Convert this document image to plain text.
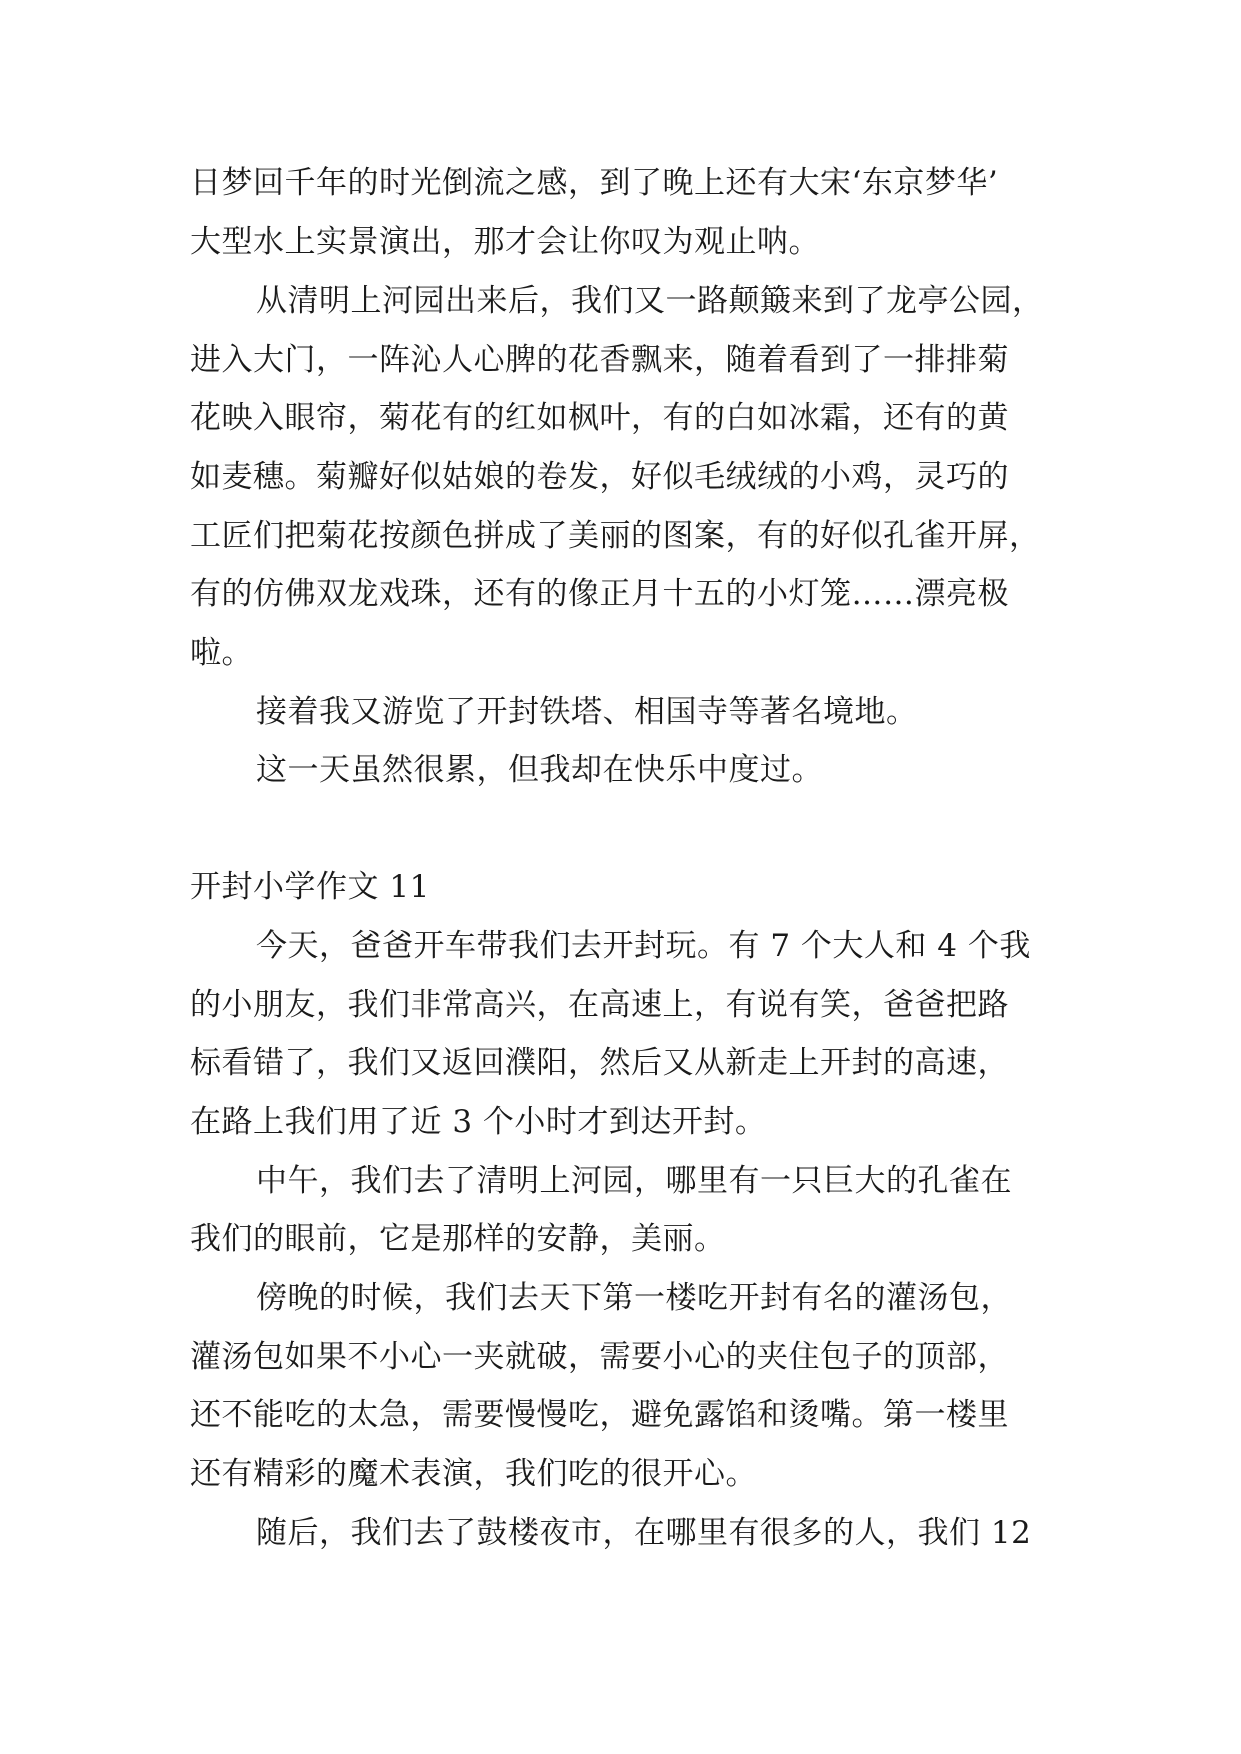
日梦回千年的时光倒流之感，到了晚上还有大宋‘东京梦华’

大型水上实景演出，那才会让你叹为观止呐。

从清明上河园出来后，我们又一路颠簸来到了龙亭公园，

进入大门，一阵沁人心脾的花香飘来，随着看到了一排排菊

花映入眼帘，菊花有的红如枫叶，有的白如冰霜，还有的黄

如麦穗。菊瓣好似姑娘的卷发，好似毛绒绒的小鸡，灵巧的

工匠们把菊花按颜色拼成了美丽的图案，有的好似孔雀开屏，

有的仿佛双龙戏珠，还有的像正月十五的小灯笼……漂亮极

啦。

接着我又游览了开封铁塔、相国寺等著名境地。

这一天虽然很累，但我却在快乐中度过。

开封小学作文 11

今天，爸爸开车带我们去开封玩。有 7 个大人和 4 个我

的小朋友，我们非常高兴，在高速上，有说有笑，爸爸把路

标看错了，我们又返回濮阳，然后又从新走上开封的高速，

在路上我们用了近 3 个小时才到达开封。

中午，我们去了清明上河园，哪里有一只巨大的孔雀在

我们的眼前，它是那样的安静，美丽。

傍晚的时候，我们去天下第一楼吃开封有名的灌汤包，

灌汤包如果不小心一夹就破，需要小心的夹住包子的顶部，

还不能吃的太急，需要慢慢吃，避免露馅和烫嘴。第一楼里

还有精彩的魔术表演，我们吃的很开心。

随后，我们去了鼓楼夜市，在哪里有很多的人，我们 12
